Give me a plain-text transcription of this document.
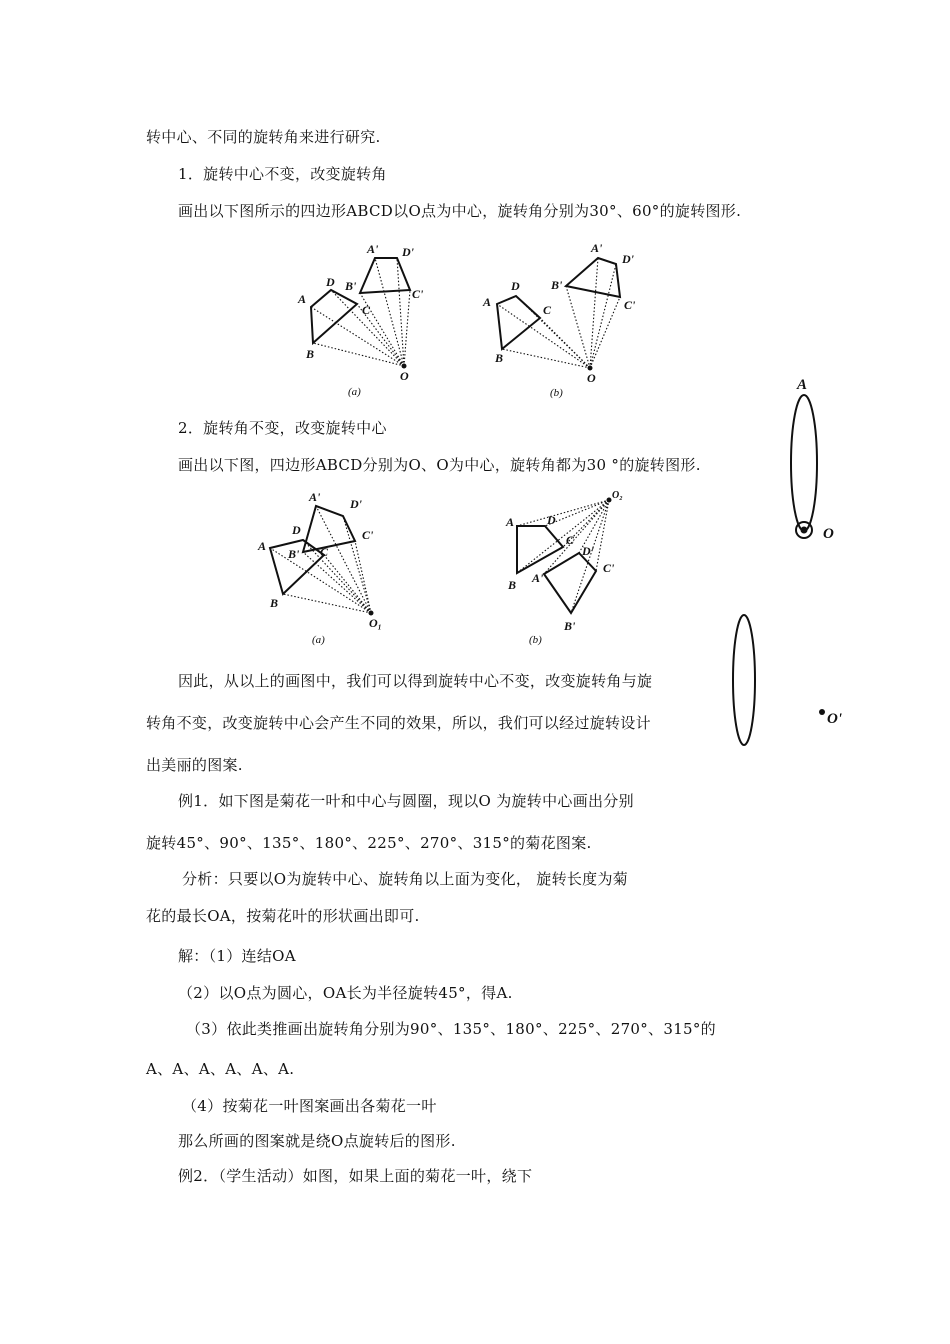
转中心、不同的旋转角来进行研究.
1．旋转中心不变，改变旋转角
画出以下图所示的四边形ABCD以O点为中心，旋转角分别为30°、60°的旋转图形.
A' D'
B'
C'
D
A
C
B
O
(a)
A'
D'
B'
C'
A
D
C
B
O
(b)
2．旋转角不变，改变旋转中心
画出以下图，四边形ABCD分别为O、O为中心，旋转角都为30 °的旋转图形.
A' D'
C'
D
A
B' C
B
O₁
(a)
O₂
A	D
C
D'
C'
A'
B
B'
(b)
A
O
O'
因此，从以上的画图中，我们可以得到旋转中心不变，改变旋转角与旋
转角不变，改变旋转中心会产生不同的效果，所以，我们可以经过旋转设计
出美丽的图案.
例1．如下图是菊花一叶和中心与圆圈，现以O 为旋转中心画出分别
旋转45°、90°、135°、180°、225°、270°、315°的菊花图案.
分析：只要以O为旋转中心、旋转角以上面为变化， 旋转长度为菊
花的最长OA，按菊花叶的形状画出即可.
解：（1）连结OA
（2）以O点为圆心，OA长为半径旋转45°，得A.
（3）依此类推画出旋转角分别为90°、135°、180°、225°、270°、315°的
A、A、A、A、A、A.
（4）按菊花一叶图案画出各菊花一叶
那么所画的图案就是绕O点旋转后的图形.
例2．（学生活动）如图，如果上面的菊花一叶，绕下
